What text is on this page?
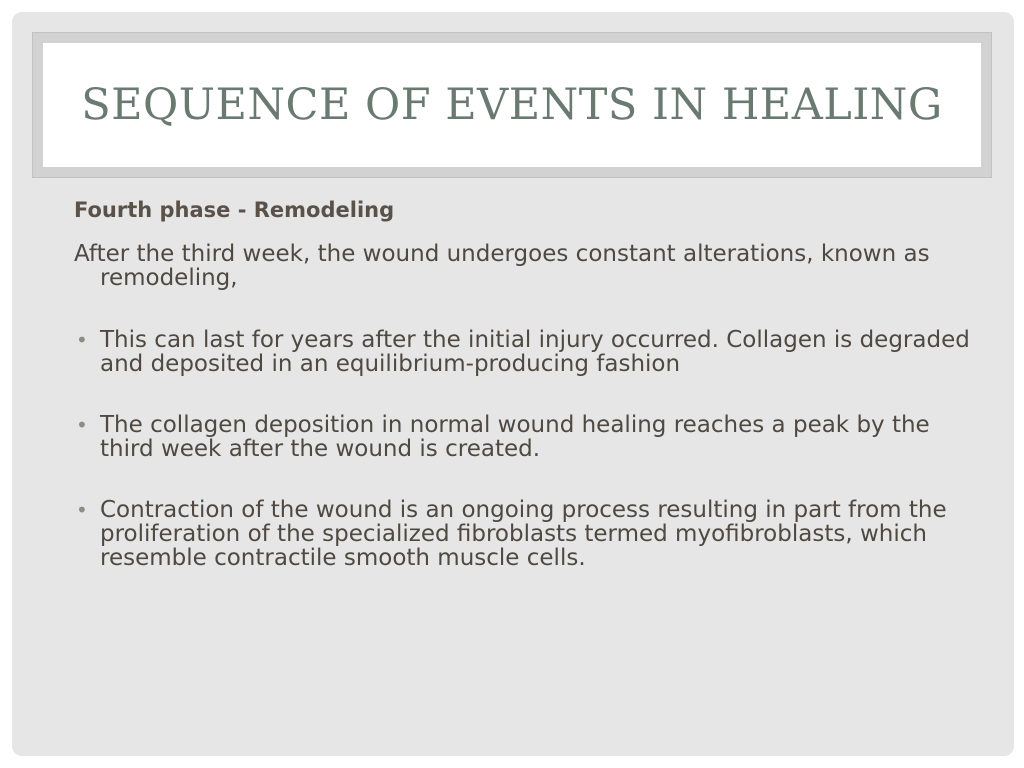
SEQUENCE OF EVENTS IN HEALING

Fourth phase - Remodeling

After the third week, the wound undergoes constant alterations, known as remodeling,

• This can last for years after the initial injury occurred. Collagen is degraded and deposited in an equilibrium-producing fashion
• The collagen deposition in normal wound healing reaches a peak by the third week after the wound is created.
• Contraction of the wound is an ongoing process resulting in part from the proliferation of the specialized fibroblasts termed myofibroblasts, which resemble contractile smooth muscle cells.
